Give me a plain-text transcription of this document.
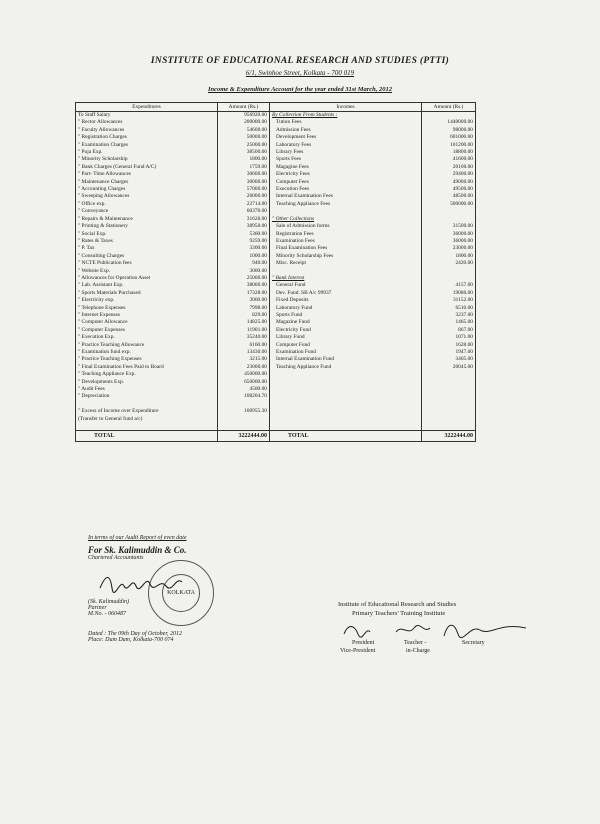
INSTITUTE OF EDUCATIONAL RESEARCH AND STUDIES (PTTI)
6/1, Swinhoe Street, Kolkata - 700 019
Income & Expenditure Account for the year ended 31st March, 2012
Expenditures	Amount (Rs.)	Incomes	Amount (Rs.)
To Staff Salary	956920.00	By Collection From Students :	
" Rector Allowances	200000.00	Tution Fees	1440000.00
" Faculty Allowances	54600.00	Admission Fees	98000.00
" Registration Charges	50000.00	Development Fees	601000.00
" Examination Charges	25000.00	Laboratory Fees	101200.00
" Puja Exp.	38500.00	Library Fees	18800.00
" Minority Scholarship	1800.00	Sports Fees	41600.00
" Bank Charges (General Fund A/C)	1759.00	Magagine Fees	20100.00
" Part- Time Allowances	30600.00	Electricity Fees	29400.00
" Maintenance Charges	30000.00	Computer Fees	49000.00
" Accounting Charges	57000.00	Execution Fees	49500.00
" Sweeping Allowances	26000.00	Internal Examination Fees	48500.00
" Office exp.	22714.00	Teaching Appliance Fees	500000.00
" Conveyance	60370.00		
" Repairs & Maintenance	31626.00	" Other Collections	
" Printing & Stationery	38950.00	Sale of Admission forms	31500.00
" Social Exp.	5360.00	Registration Fees	36000.00
" Rates & Taxes	9259.00	Examination Fees	36000.00
" P. Tax	3300.00	Final Examination Fees	23000.00
" Consulting Charges	1000.00	Minority Scholarship Fees	1800.00
" NCTE Publication fees	940.00	Misc. Receipt	2420.00
" Website Exp.	3000.00		
" Allowances for Operation Asset	25000.00	" Bank Interest	
" Lab. Assistant Exp.	38000.00	General Fund	4157.00
" Sports Materials Purchased	17328.00	Dev. Fund. SB A/c 99937	19080.00
" Electricity exp.	3060.00	Fixed Deposits	31152.00
" Telephone Expenses	7998.00	Laboratory Fund	6510.00
" Internet Expenses	829.00	Sports Fund	3237.00
" Computer Allowance	14825.00	Magazine Fund	1465.00
" Computer Expenses	11901.00	Electricity Fund	867.00
" Execution Exp.	35240.00	Library Fund	1071.00
" Practice Teaching Allowance	6160.00	Computer Fund	1628.00
" Examination fund exp.	13430.00	Examination Fund	1947.00
" Practice Teaching Expenses	3215.00	Internal Examination Fund	3465.00
" Final Examination Fees Paid to Board	23000.00	Teaching Appliance Fund	20045.00
" Teaching Appliance Exp.	450000.00		
" Developments Exp.	650000.00		
" Audit Fees	4500.00		
" Depreciation	108204.70		

" Excess of Income over Expenditure	160955.30		
(Transfer to General fund a/c)			

TOTAL	3222444.00	TOTAL	3222444.00
In terms of our Audit Report of even date
For Sk. Kalimuddin & Co.
Chartered Accountants
(Sk. Kalimuddin)
Partner
M.No. - 060487
Dated : The 09th Day of October, 2012
Place: Dum Dum, Kolkata-700 074
KOLKATA
Institute of Educational Research and Studies
Primary Teachers' Training Institute
Vice-President
President	Teacher -
in-Charge
Secretary
